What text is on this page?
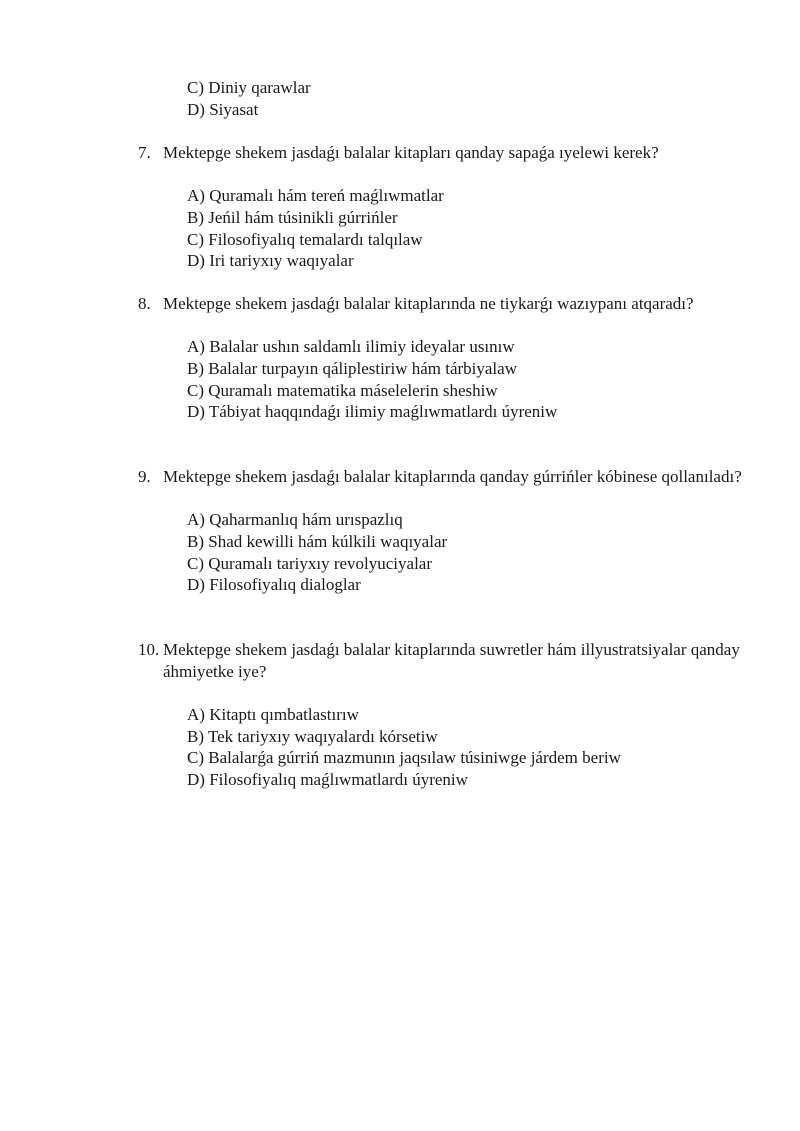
C) Diniy qarawlar
D) Siyasat
7. Mektepge shekem jasdaǵı balalar kitapları qanday sapaǵa ıyelewi kerek?
A) Quramalı hám tereń maǵlıwmatlar
B) Jeńil hám túsinikli gúrrińler
C) Filosofiyalıq temalardı talqılaw
D) Iri tariyxıy waqıyalar
8. Mektepge shekem jasdaǵı balalar kitaplarında ne tiykarǵı wazıypanı atqaradı?
A) Balalar ushın saldamlı ilimiy ideyalar usınıw
B) Balalar turpayın qáliplestiriw hám tárbiyalaw
C) Quramalı matematika máselelerin sheshiw
D) Tábiyat haqqındaǵı ilimiy maǵlıwmatlardı úyreniw
9. Mektepge shekem jasdaǵı balalar kitaplarında qanday gúrrińler kóbinese qollanıladı?
A) Qaharmanlıq hám urıspazlıq
B) Shad kewilli hám kúlkili waqıyalar
C) Quramalı tariyxıy revolyuciyalar
D) Filosofiyalıq dialoglar
10. Mektepge shekem jasdaǵı balalar kitaplarında suwretler hám illyustratsiyalar qanday áhmiyetke iye?
A) Kitaptı qımbatlastırıw
B) Tek tariyxıy waqıyalardı kórsetiw
C) Balalarǵa gúrriń mazmunın jaqsılaw túsiniwge járdem beriw
D) Filosofiyalıq maǵlıwmatlardı úyreniw
